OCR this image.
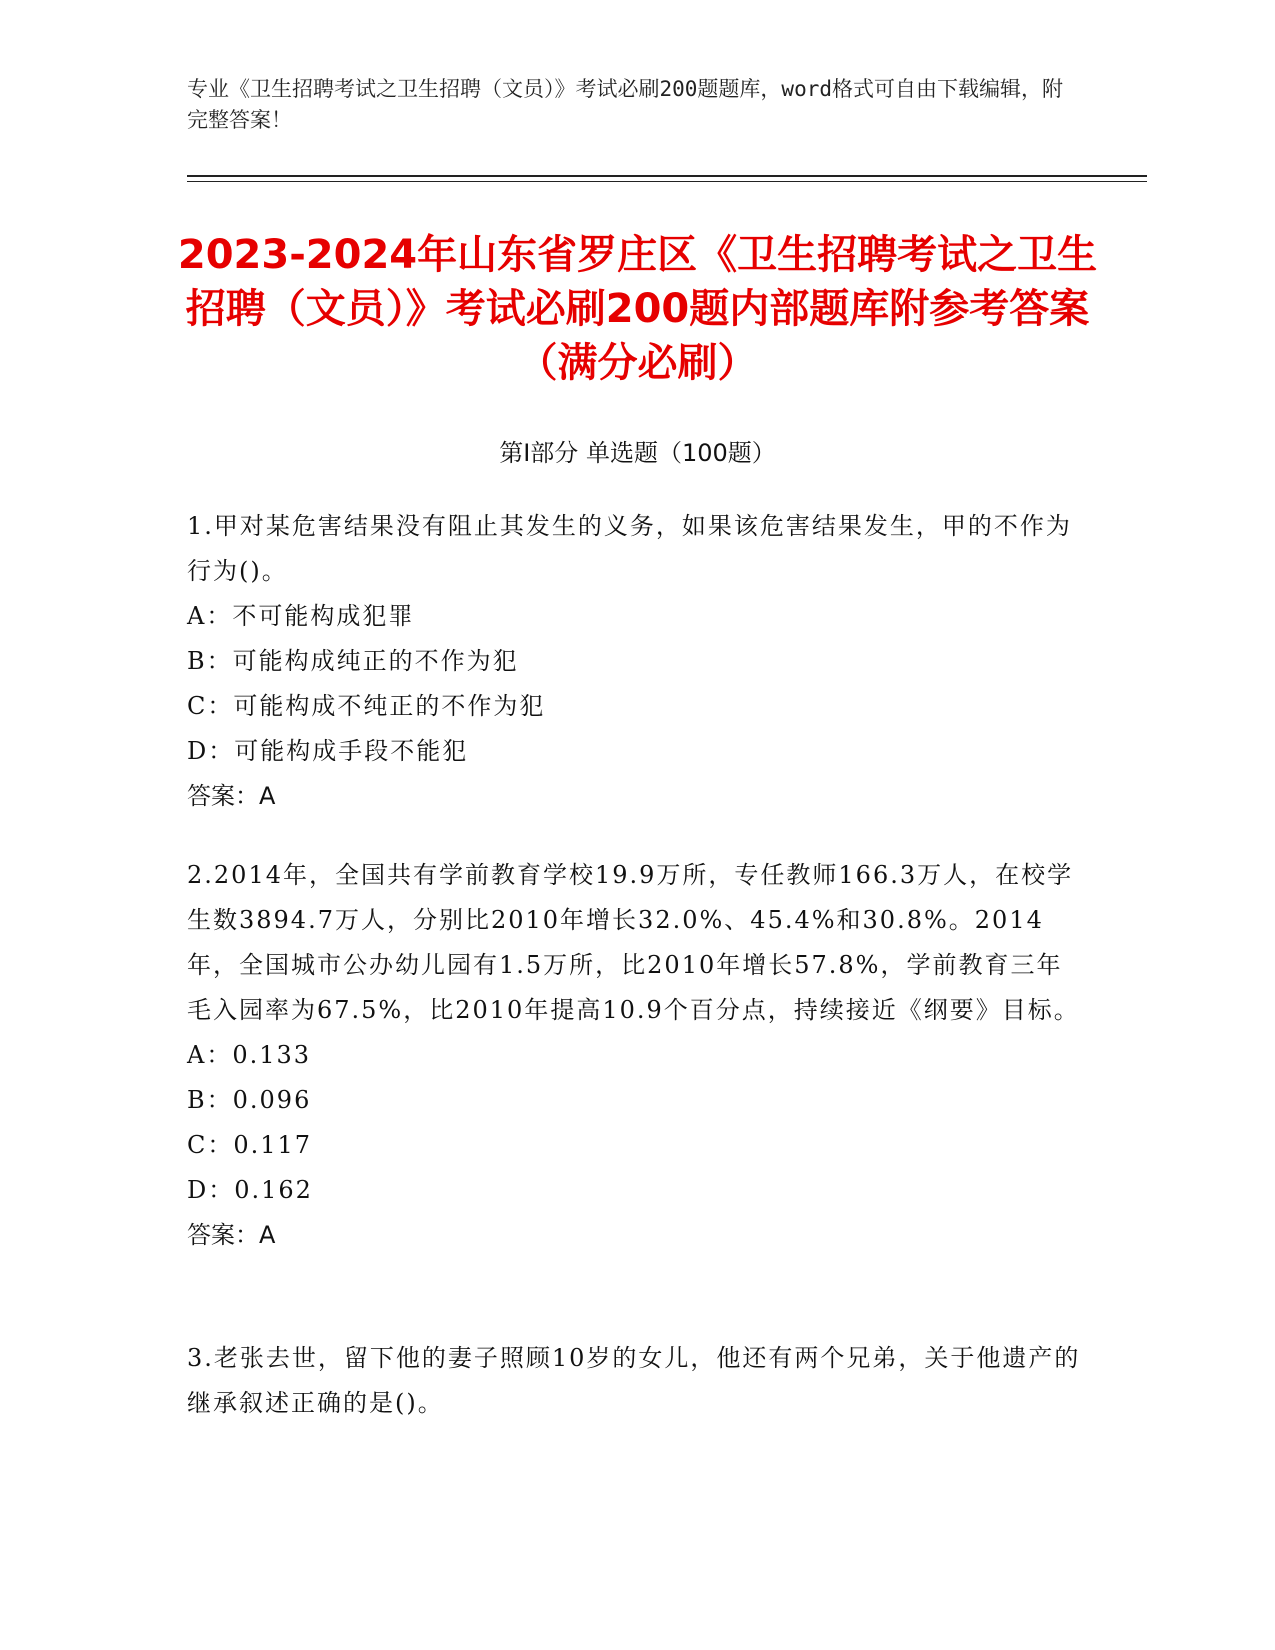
专业《卫生招聘考试之卫生招聘（文员）》考试必刷200题题库，word格式可自由下载编辑，附完整答案！
2023-2024年山东省罗庄区《卫生招聘考试之卫生招聘（文员）》考试必刷200题内部题库附参考答案（满分必刷）
第Ⅰ部分 单选题（100题）

1.甲对某危害结果没有阻止其发生的义务，如果该危害结果发生，甲的不作为行为()。

A：不可能构成犯罪

B：可能构成纯正的不作为犯

C：可能构成不纯正的不作为犯

D：可能构成手段不能犯

答案：A

2.2014年，全国共有学前教育学校19.9万所，专任教师166.3万人，在校学生数3894.7万人，分别比2010年增长32.0%、45.4%和30.8%。2014年，全国城市公办幼儿园有1.5万所，比2010年增长57.8%，学前教育三年毛入园率为67.5%，比2010年提高10.9个百分点，持续接近《纲要》目标。

A：0.133

B：0.096

C：0.117

D：0.162

答案：A

3.老张去世，留下他的妻子照顾10岁的女儿，他还有两个兄弟，关于他遗产的继承叙述正确的是()。
